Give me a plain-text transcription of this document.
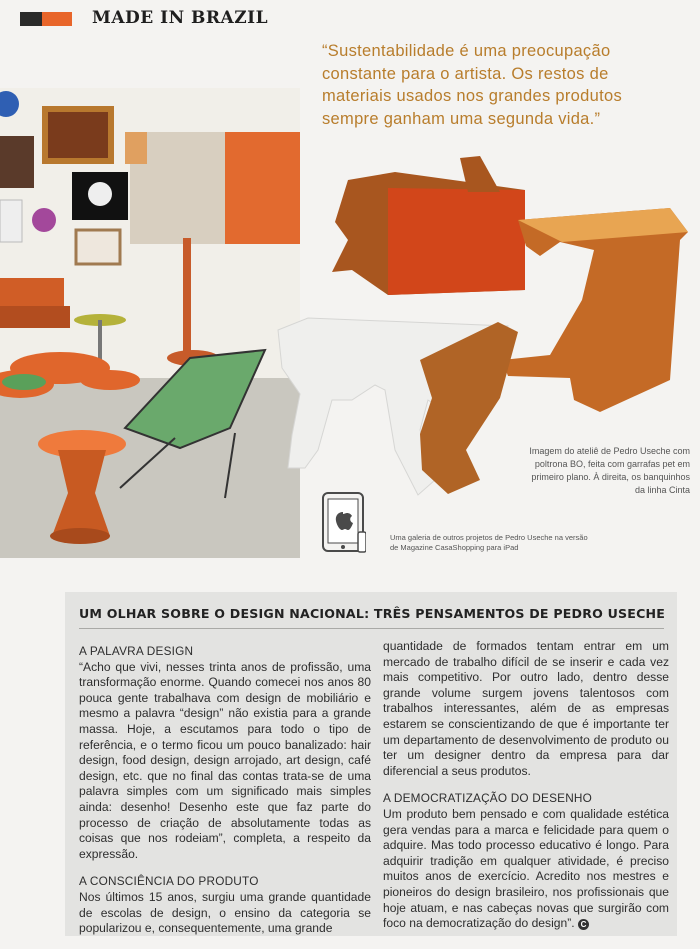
MADE IN BRAZIL
“Sustentabilidade é uma preocupação constante para o artista. Os restos de materiais usados nos grandes produtos sempre ganham uma segunda vida.”
Imagem do ateliê de Pedro Useche com poltrona BO, feita com garrafas pet em primeiro plano. À direita, os banquinhos da linha Cinta
Uma galeria de outros projetos de Pedro Useche na versão de Magazine CasaShopping para iPad
UM OLHAR SOBRE O DESIGN NACIONAL: TRÊS PENSAMENTOS DE PEDRO USECHE

A PALAVRA DESIGN

“Acho que vivi, nesses trinta anos de profissão, uma transformação enorme. Quando comecei nos anos 80 pouca gente trabalhava com design de mobiliário e mesmo a palavra “design” não existia para a grande massa. Hoje, a escutamos para todo o tipo de referência, e o termo ficou um pouco banalizado: hair design, food design, design arrojado, art design, café design, etc. que no final das contas trata-se de uma palavra simples com um significado mais simples ainda: desenho! Desenho este que faz parte do processo de criação de absolutamente todas as coisas que nos rodeiam”, completa, a respeito da expressão.

A CONSCIÊNCIA DO PRODUTO

Nos últimos 15 anos, surgiu uma grande quantidade de escolas de design, o ensino da categoria se popularizou e, consequentemente, uma grande

quantidade de formados tentam entrar em um mercado de trabalho difícil de se inserir e cada vez mais competitivo. Por outro lado, dentro desse grande volume surgem jovens talentosos com trabalhos interessantes, além de as empresas estarem se conscientizando de que é importante ter um departamento de desenvolvimento de produto ou ter um designer dentro da empresa para dar diferencial a seus produtos.

A DEMOCRATIZAÇÃO DO DESENHO

Um produto bem pensado e com qualidade estética gera vendas para a marca e felicidade para quem o adquire. Mas todo processo educativo é longo. Para adquirir tradição em qualquer atividade, é preciso muitos anos de exercício. Acredito nos mestres e pioneiros do design brasileiro, nos profissionais que hoje atuam, e nas cabeças novas que surgirão com foco na democratização do design”. C
